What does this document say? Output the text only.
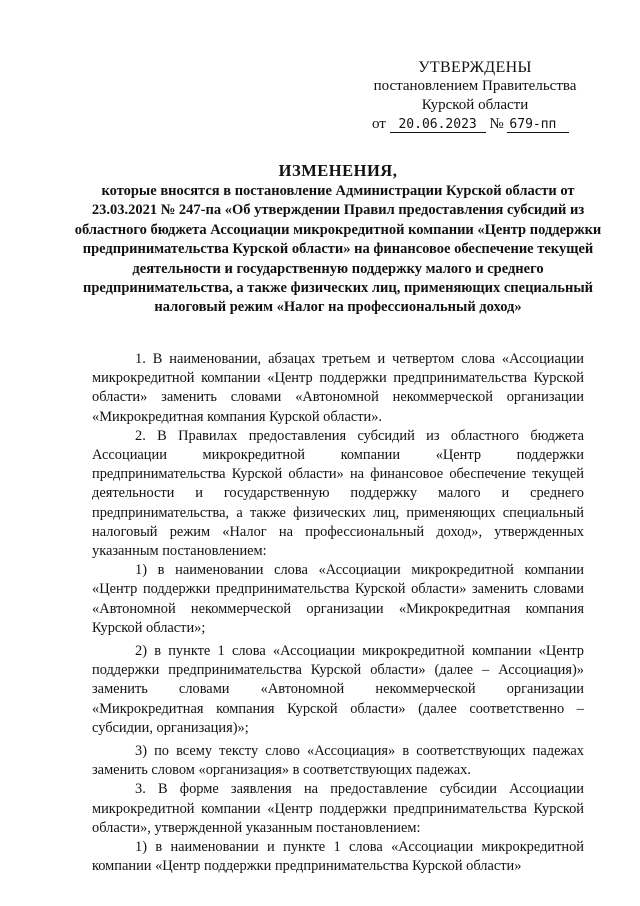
УТВЕРЖДЕНЫ
постановлением Правительства
Курской области
от 20.06.2023 № 679-пп
ИЗМЕНЕНИЯ,
которые вносятся в постановление Администрации Курской области от 23.03.2021 № 247-па «Об утверждении Правил предоставления субсидий из областного бюджета Ассоциации микрокредитной компании «Центр поддержки предпринимательства Курской области» на финансовое обеспечение текущей деятельности и государственную поддержку малого и среднего предпринимательства, а также физических лиц, применяющих специальный налоговый режим «Налог на профессиональный доход»

1. В наименовании, абзацах третьем и четвертом слова «Ассоциации микрокредитной компании «Центр поддержки предпринимательства Курской области» заменить словами «Автономной некоммерческой организации «Микрокредитная компания Курской области».

2. В Правилах предоставления субсидий из областного бюджета Ассоциации микрокредитной компании «Центр поддержки предпринимательства Курской области» на финансовое обеспечение текущей деятельности и государственную поддержку малого и среднего предпринимательства, а также физических лиц, применяющих специальный налоговый режим «Налог на профессиональный доход», утвержденных указанным постановлением:

1) в наименовании слова «Ассоциации микрокредитной компании «Центр поддержки предпринимательства Курской области» заменить словами «Автономной некоммерческой организации «Микрокредитная компания Курской области»;

2) в пункте 1 слова «Ассоциации микрокредитной компании «Центр поддержки предпринимательства Курской области» (далее – Ассоциация)» заменить словами «Автономной некоммерческой организации «Микрокредитная компания Курской области» (далее соответственно – субсидии, организация)»;

3) по всему тексту слово «Ассоциация» в соответствующих падежах заменить словом «организация» в соответствующих падежах.

3. В форме заявления на предоставление субсидии Ассоциации микрокредитной компании «Центр поддержки предпринимательства Курской области», утвержденной указанным постановлением:

1) в наименовании и пункте 1 слова «Ассоциации микрокредитной компании «Центр поддержки предпринимательства Курской области»
